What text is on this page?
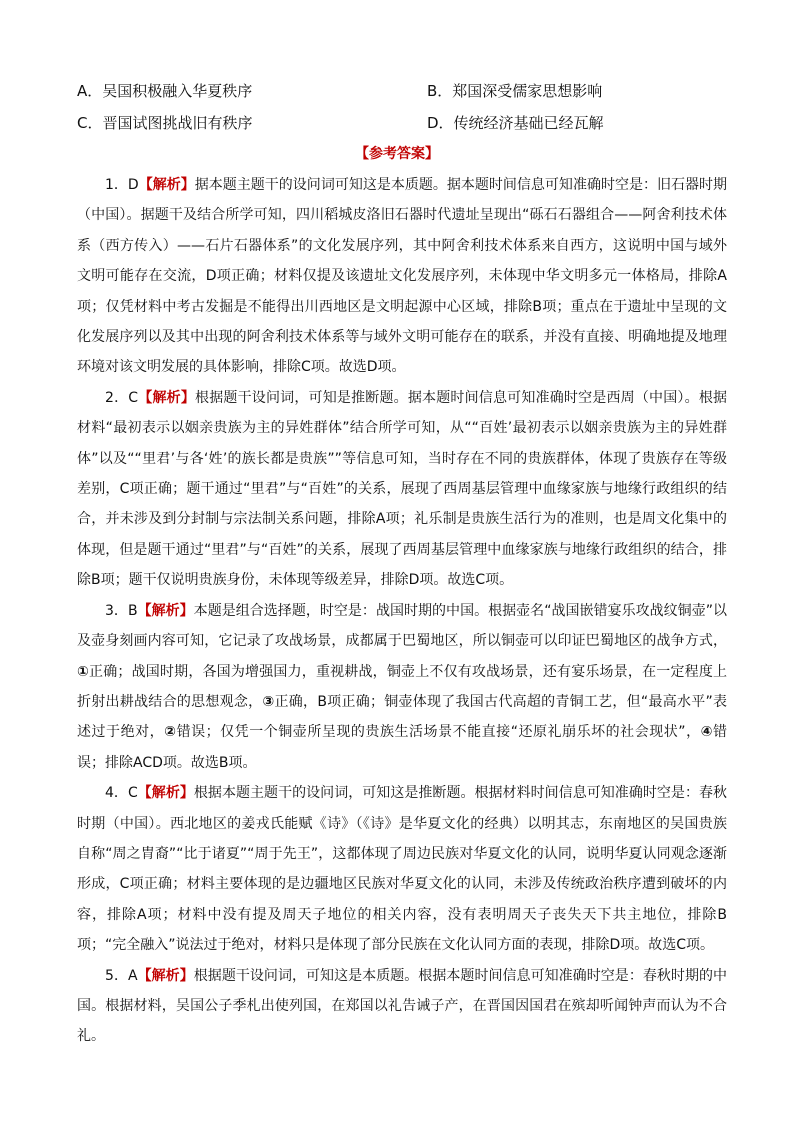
A．吴国积极融入华夏秩序	B．郑国深受儒家思想影响
C．晋国试图挑战旧有秩序	D．传统经济基础已经瓦解
【参考答案】

1．D【解析】据本题主题干的设问词可知这是本质题。据本题时间信息可知准确时空是：旧石器时期（中国）。据题干及结合所学可知，四川稻城皮洛旧石器时代遗址呈现出“砾石石器组合——阿舍利技术体系（西方传入）——石片石器体系”的文化发展序列，其中阿舍利技术体系来自西方，这说明中国与域外文明可能存在交流，D项正确；材料仅提及该遗址文化发展序列，未体现中华文明多元一体格局，排除A项；仅凭材料中考古发掘是不能得出川西地区是文明起源中心区域，排除B项；重点在于遗址中呈现的文化发展序列以及其中出现的阿舍利技术体系等与域外文明可能存在的联系，并没有直接、明确地提及地理环境对该文明发展的具体影响，排除C项。故选D项。

2．C【解析】根据题干设问词，可知是推断题。据本题时间信息可知准确时空是西周（中国）。根据材料“最初表示以姻亲贵族为主的异姓群体”结合所学可知，从““百姓’最初表示以姻亲贵族为主的异姓群体”以及““里君’与各‘姓’的族长都是贵族””等信息可知，当时存在不同的贵族群体，体现了贵族存在等级差别，C项正确；题干通过“里君”与“百姓”的关系，展现了西周基层管理中血缘家族与地缘行政组织的结合，并未涉及到分封制与宗法制关系问题，排除A项；礼乐制是贵族生活行为的准则，也是周文化集中的体现，但是题干通过“里君”与“百姓”的关系，展现了西周基层管理中血缘家族与地缘行政组织的结合，排除B项；题干仅说明贵族身份，未体现等级差异，排除D项。故选C项。

3．B【解析】本题是组合选择题，时空是：战国时期的中国。根据壶名“战国嵌错宴乐攻战纹铜壶”以及壶身刻画内容可知，它记录了攻战场景，成都属于巴蜀地区，所以铜壶可以印证巴蜀地区的战争方式，①正确；战国时期，各国为增强国力，重视耕战，铜壶上不仅有攻战场景，还有宴乐场景，在一定程度上折射出耕战结合的思想观念，③正确，B项正确；铜壶体现了我国古代高超的青铜工艺，但“最高水平”表述过于绝对，②错误；仅凭一个铜壶所呈现的贵族生活场景不能直接“还原礼崩乐坏的社会现状”，④错误；排除ACD项。故选B项。

4．C【解析】根据本题主题干的设问词，可知这是推断题。根据材料时间信息可知准确时空是：春秋时期（中国）。西北地区的姜戎氏能赋《诗》（《诗》是华夏文化的经典）以明其志，东南地区的吴国贵族自称“周之胄裔”“比于诸夏”“周于先王”，这都体现了周边民族对华夏文化的认同，说明华夏认同观念逐渐形成，C项正确；材料主要体现的是边疆地区民族对华夏文化的认同，未涉及传统政治秩序遭到破坏的内容，排除A项；材料中没有提及周天子地位的相关内容，没有表明周天子丧失天下共主地位，排除B项；“完全融入”说法过于绝对，材料只是体现了部分民族在文化认同方面的表现，排除D项。故选C项。

5．A【解析】根据题干设问词，可知这是本质题。根据本题时间信息可知准确时空是：春秋时期的中国。根据材料，吴国公子季札出使列国，在郑国以礼告诫子产，在晋国因国君在殡却听闻钟声而认为不合礼。
